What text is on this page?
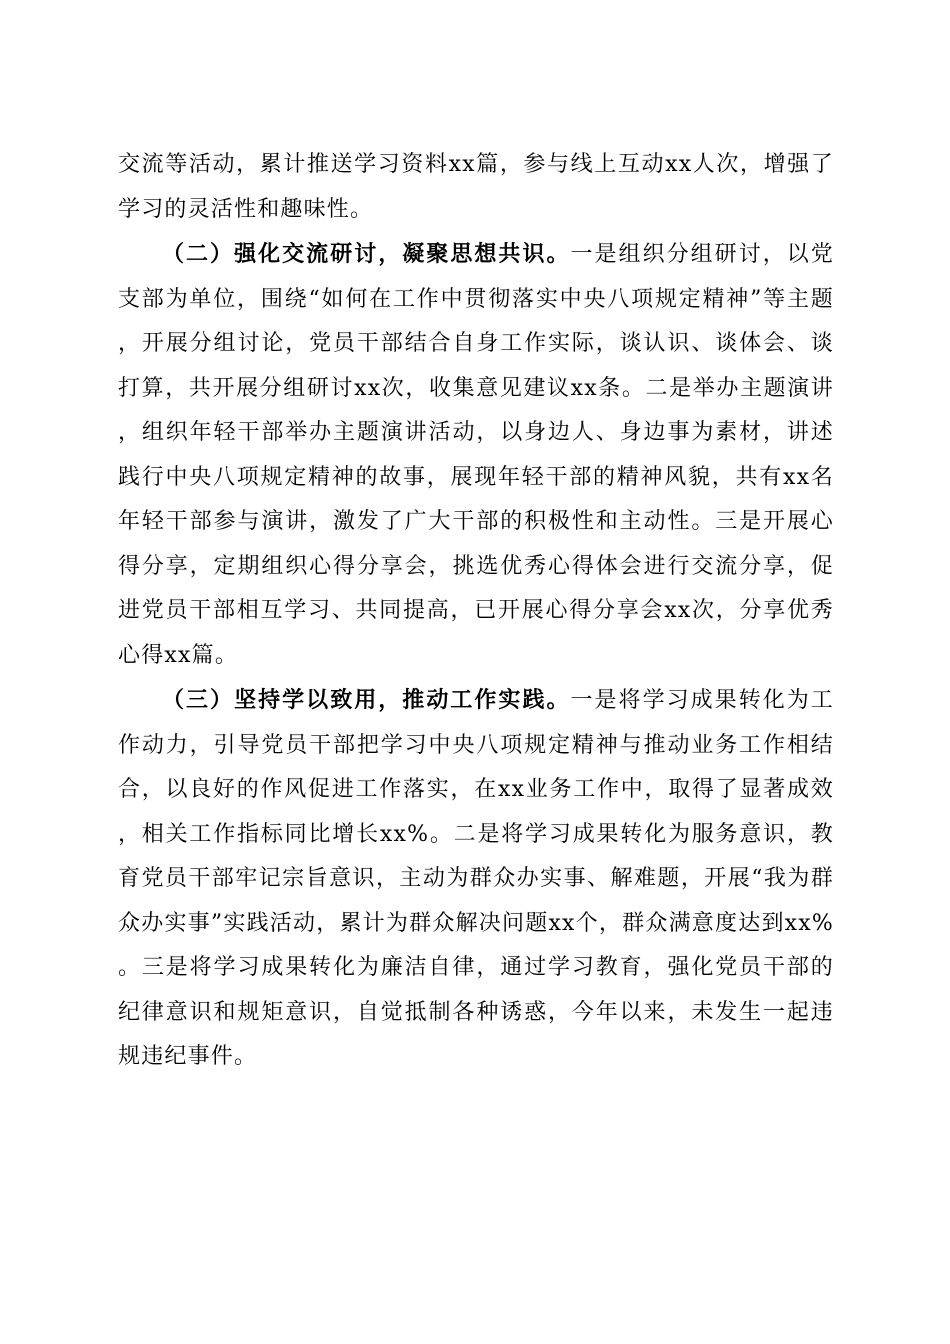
交流等活动，累计推送学习资料xx篇，参与线上互动xx人次，增强了学习的灵活性和趣味性。

（二）强化交流研讨，凝聚思想共识。一是组织分组研讨，以党支部为单位，围绕“如何在工作中贯彻落实中央八项规定精神”等主题，开展分组讨论，党员干部结合自身工作实际，谈认识、谈体会、谈打算，共开展分组研讨xx次，收集意见建议xx条。二是举办主题演讲，组织年轻干部举办主题演讲活动，以身边人、身边事为素材，讲述践行中央八项规定精神的故事，展现年轻干部的精神风貌，共有xx名年轻干部参与演讲，激发了广大干部的积极性和主动性。三是开展心得分享，定期组织心得分享会，挑选优秀心得体会进行交流分享，促进党员干部相互学习、共同提高，已开展心得分享会xx次，分享优秀心得xx篇。

（三）坚持学以致用，推动工作实践。一是将学习成果转化为工作动力，引导党员干部把学习中央八项规定精神与推动业务工作相结合，以良好的作风促进工作落实，在xx业务工作中，取得了显著成效，相关工作指标同比增长xx%。二是将学习成果转化为服务意识，教育党员干部牢记宗旨意识，主动为群众办实事、解难题，开展“我为群众办实事”实践活动，累计为群众解决问题xx个，群众满意度达到xx%。三是将学习成果转化为廉洁自律，通过学习教育，强化党员干部的纪律意识和规矩意识，自觉抵制各种诱惑，今年以来，未发生一起违规违纪事件。
